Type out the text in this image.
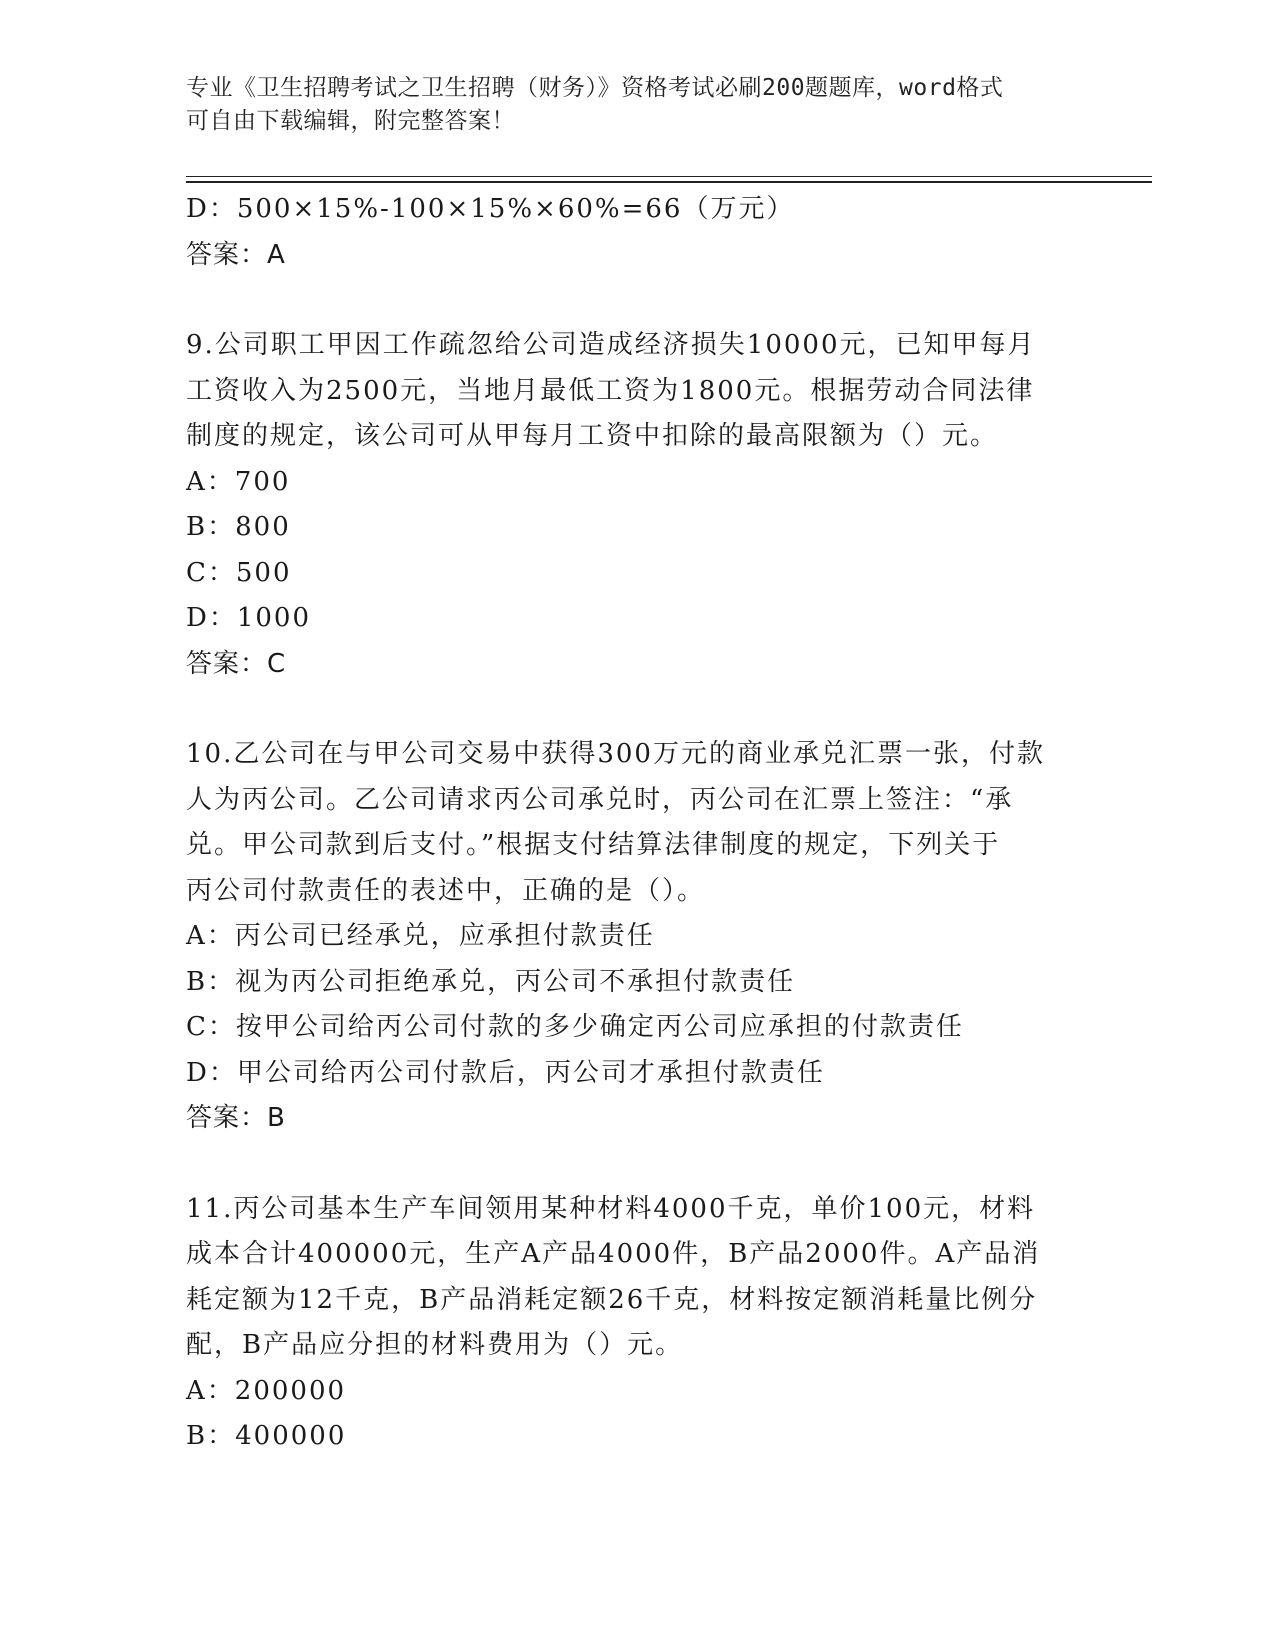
专业《卫生招聘考试之卫生招聘（财务）》资格考试必刷200题题库，word格式
可自由下载编辑，附完整答案！
D：500×15%-100×15%×60%=66（万元）
答案：A
9.公司职工甲因工作疏忽给公司造成经济损失10000元，已知甲每月
工资收入为2500元，当地月最低工资为1800元。根据劳动合同法律
制度的规定，该公司可从甲每月工资中扣除的最高限额为（）元。
A：700
B：800
C：500
D：1000
答案：C
10.乙公司在与甲公司交易中获得300万元的商业承兑汇票一张，付款
人为丙公司。乙公司请求丙公司承兑时，丙公司在汇票上签注：“承
兑。甲公司款到后支付。”根据支付结算法律制度的规定，下列关于
丙公司付款责任的表述中，正确的是（）。
A：丙公司已经承兑，应承担付款责任
B：视为丙公司拒绝承兑，丙公司不承担付款责任
C：按甲公司给丙公司付款的多少确定丙公司应承担的付款责任
D：甲公司给丙公司付款后，丙公司才承担付款责任
答案：B
11.丙公司基本生产车间领用某种材料4000千克，单价100元，材料
成本合计400000元，生产A产品4000件，B产品2000件。A产品消
耗定额为12千克，B产品消耗定额26千克，材料按定额消耗量比例分
配，B产品应分担的材料费用为（）元。
A：200000
B：400000
